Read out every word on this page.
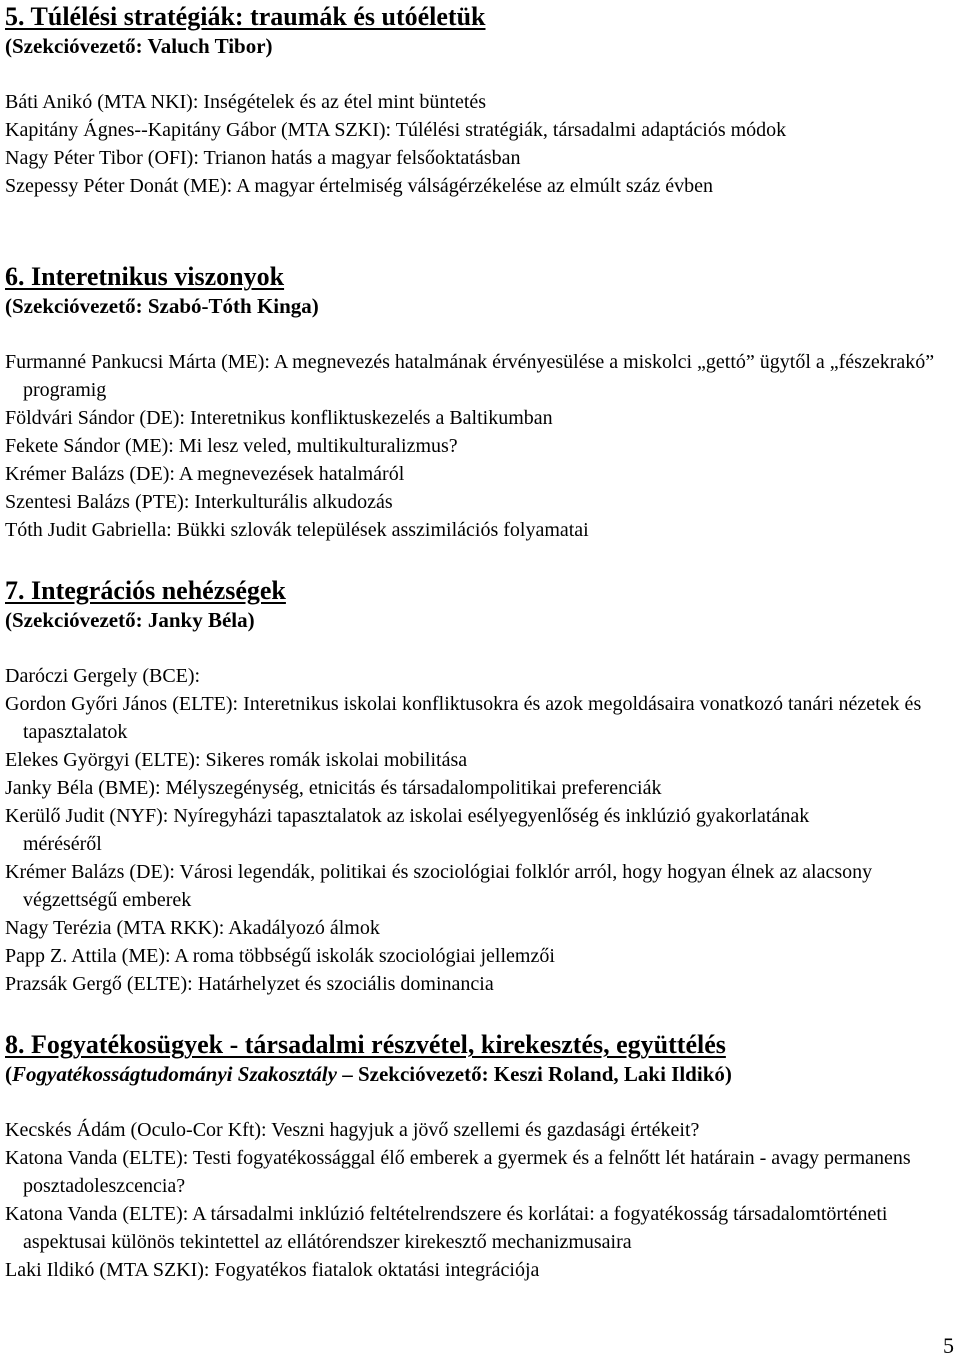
5. Túlélési stratégiák: traumák és utóéletük

(Szekcióvezető: Valuch Tibor)

Báti Anikó (MTA NKI): Inségételek és az étel mint büntetés

Kapitány Ágnes--Kapitány Gábor (MTA SZKI): Túlélési stratégiák, társadalmi adaptációs módok

Nagy Péter Tibor (OFI): Trianon hatás a magyar felsőoktatásban

Szepessy Péter Donát (ME): A magyar értelmiség válságérzékelése az elmúlt száz évben

6. Interetnikus viszonyok

(Szekcióvezető: Szabó-Tóth Kinga)

Furmanné Pankucsi Márta (ME): A megnevezés hatalmának érvényesülése a miskolci „gettó” ügytől a „fészekrakó” programig

Földvári Sándor (DE): Interetnikus konfliktuskezelés a Baltikumban

Fekete Sándor (ME): Mi lesz veled, multikulturalizmus?

Krémer Balázs (DE): A megnevezések hatalmáról

Szentesi Balázs (PTE): Interkulturális alkudozás

Tóth Judit Gabriella: Bükki szlovák települések asszimilációs folyamatai

7. Integrációs nehézségek

(Szekcióvezető: Janky Béla)

Daróczi Gergely (BCE):

Gordon Győri János (ELTE): Interetnikus iskolai konfliktusokra és azok megoldásaira vonatkozó tanári nézetek és tapasztalatok

Elekes Györgyi (ELTE): Sikeres romák iskolai mobilitása

Janky Béla (BME): Mélyszegénység, etnicitás és társadalompolitikai preferenciák

Kerülő Judit (NYF): Nyíregyházi tapasztalatok az iskolai esélyegyenlőség és inklúzió gyakorlatának méréséről

Krémer Balázs (DE): Városi legendák, politikai és szociológiai folklór arról, hogy hogyan élnek az alacsony végzettségű emberek

Nagy Terézia (MTA RKK): Akadályozó álmok

Papp Z. Attila (ME): A roma többségű iskolák szociológiai jellemzői

Prazsák Gergő (ELTE): Határhelyzet és szociális dominancia

8. Fogyatékosügyek - társadalmi részvétel, kirekesztés, együttélés

(Fogyatékosságtudományi Szakosztály – Szekcióvezető: Keszi Roland, Laki Ildikó)

Kecskés Ádám (Oculo-Cor Kft): Veszni hagyjuk a jövő szellemi és gazdasági értékeit?

Katona Vanda (ELTE): Testi fogyatékossággal élő emberek a gyermek és a felnőtt lét határain - avagy permanens posztadoleszcencia?

Katona Vanda (ELTE): A társadalmi inklúzió feltételrendszere és korlátai: a fogyatékosság társadalomtörténeti aspektusai különös tekintettel az ellátórendszer kirekesztő mechanizmusaira

Laki Ildikó (MTA SZKI): Fogyatékos fiatalok oktatási integrációja

5
